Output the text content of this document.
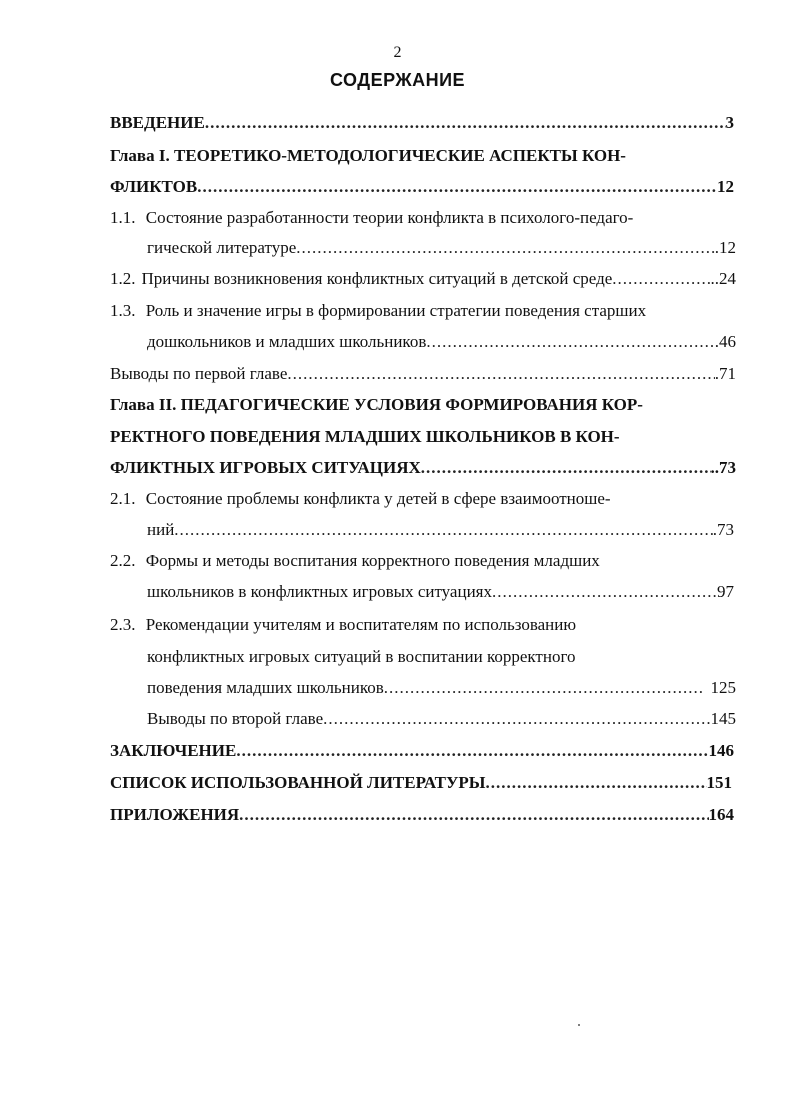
2
СОДЕРЖАНИЕ
ВВЕДЕНИЕ .....	3
Глава I. ТЕОРЕТИКО-МЕТОДОЛОГИЧЕСКИЕ АСПЕКТЫ КОН-
ФЛИКТОВ .....	12
1.1. Состояние разработанности теории конфликта в психолого-педаго-
гической литературе .....	.12
1.2. Причины возникновения конфликтных ситуаций в детской среде .....	..24
1.3. Роль и значение игры в формировании стратегии поведения старших
дошкольников и младших школьников .....	.46
Выводы по первой главе .....	.71
Глава II. ПЕДАГОГИЧЕСКИЕ УСЛОВИЯ ФОРМИРОВАНИЯ КОР-
РЕКТНОГО ПОВЕДЕНИЯ МЛАДШИХ ШКОЛЬНИКОВ В КОН-
ФЛИКТНЫХ ИГРОВЫХ СИТУАЦИЯХ .....	..73
2.1. Состояние проблемы конфликта у детей в сфере взаимоотноше-
ний .....	.73
2.2. Формы и методы воспитания корректного поведения младших
школьников в конфликтных игровых ситуациях .....	97
2.3. Рекомендации учителям и воспитателям по использованию
конфликтных игровых ситуаций в воспитании корректного
поведения младших школьников .....	125
Выводы по второй главе .....	145
ЗАКЛЮЧЕНИЕ .....	146
СПИСОК ИСПОЛЬЗОВАННОЙ ЛИТЕРАТУРЫ .....	151
ПРИЛОЖЕНИЯ .....	164
